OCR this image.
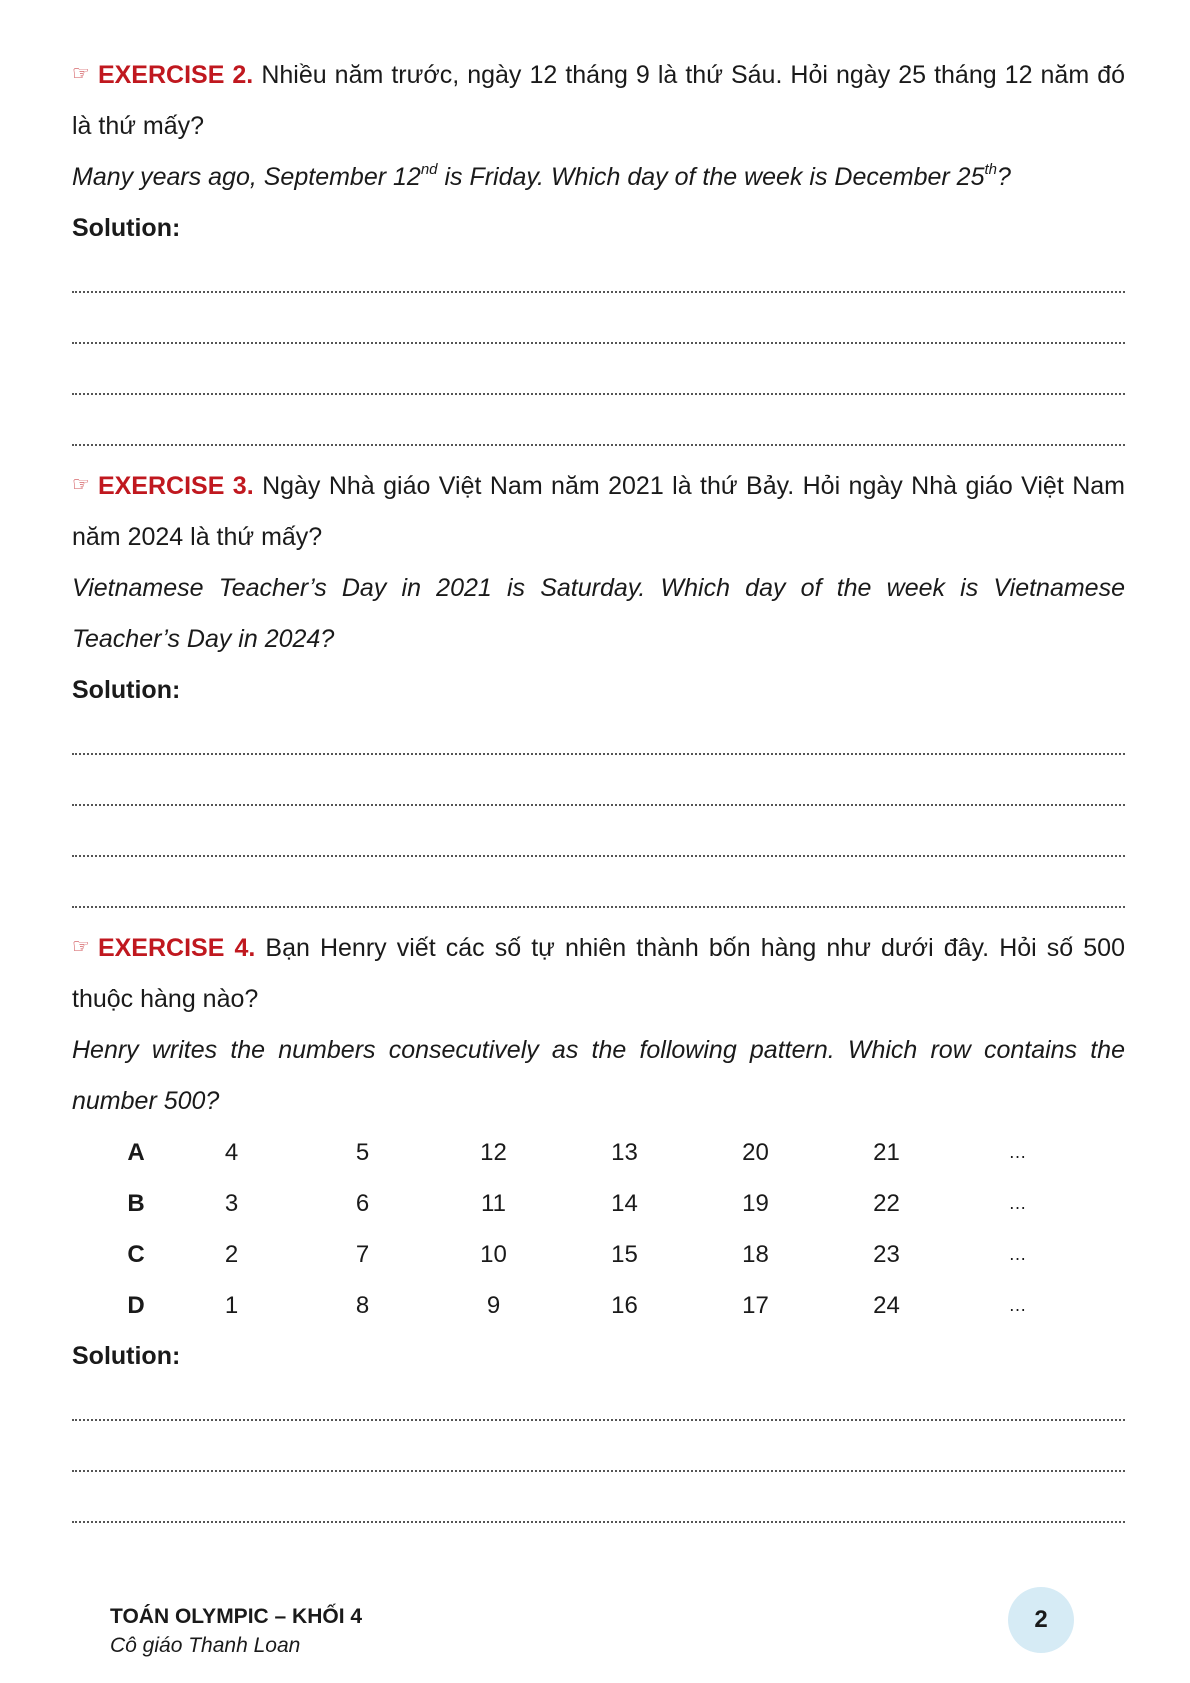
☞ EXERCISE 2. Nhiều năm trước, ngày 12 tháng 9 là thứ Sáu. Hỏi ngày 25 tháng 12 năm đó
là thứ mấy?
Many years ago, September 12nd is Friday. Which day of the week is December 25th?
Solution:
☞ EXERCISE 3. Ngày Nhà giáo Việt Nam năm 2021 là thứ Bảy. Hỏi ngày Nhà giáo Việt Nam
năm 2024 là thứ mấy?
Vietnamese Teacher’s Day in 2021 is Saturday. Which day of the week is Vietnamese
Teacher’s Day in 2024?
Solution:
☞ EXERCISE 4. Bạn Henry viết các số tự nhiên thành bốn hàng như dưới đây. Hỏi số 500
thuộc hàng nào?
Henry writes the numbers consecutively as the following pattern. Which row contains the
number 500?
A	4	5	12	13	20	21	…
B	3	6	11	14	19	22	…
C	2	7	10	15	18	23	…
D	1	8	9	16	17	24	…
Solution:
TOÁN OLYMPIC – KHỐI 4
Cô giáo Thanh Loan
2
